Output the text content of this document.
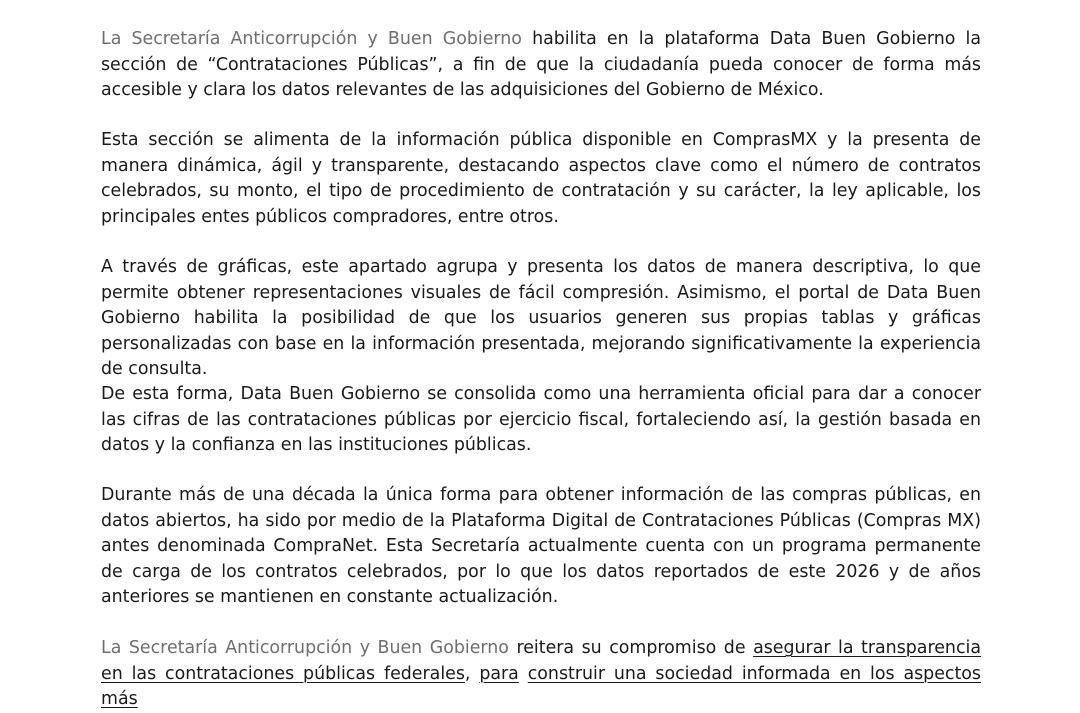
La Secretaría Anticorrupción y Buen Gobierno habilita en la plataforma Data Buen Gobierno la sección de “Contrataciones Públicas”, a fin de que la ciudadanía pueda conocer de forma más accesible y clara los datos relevantes de las adquisiciones del Gobierno de México.

Esta sección se alimenta de la información pública disponible en ComprasMX y la presenta de manera dinámica, ágil y transparente, destacando aspectos clave como el número de contratos celebrados, su monto, el tipo de procedimiento de contratación y su carácter, la ley aplicable, los principales entes públicos compradores, entre otros.

A través de gráficas, este apartado agrupa y presenta los datos de manera descriptiva, lo que permite obtener representaciones visuales de fácil compresión. Asimismo, el portal de Data Buen Gobierno habilita la posibilidad de que los usuarios generen sus propias tablas y gráficas personalizadas con base en la información presentada, mejorando significativamente la experiencia de consulta.

De esta forma, Data Buen Gobierno se consolida como una herramienta oficial para dar a conocer las cifras de las contrataciones públicas por ejercicio fiscal, fortaleciendo así, la gestión basada en datos y la confianza en las instituciones públicas.

Durante más de una década la única forma para obtener información de las compras públicas, en datos abiertos, ha sido por medio de la Plataforma Digital de Contrataciones Públicas (Compras MX) antes denominada CompraNet. Esta Secretaría actualmente cuenta con un programa permanente de carga de los contratos celebrados, por lo que los datos reportados de este 2026 y de años anteriores se mantienen en constante actualización.

La Secretaría Anticorrupción y Buen Gobierno reitera su compromiso de asegurar la transparencia en las contrataciones públicas federales, para construir una sociedad informada en los aspectos más
